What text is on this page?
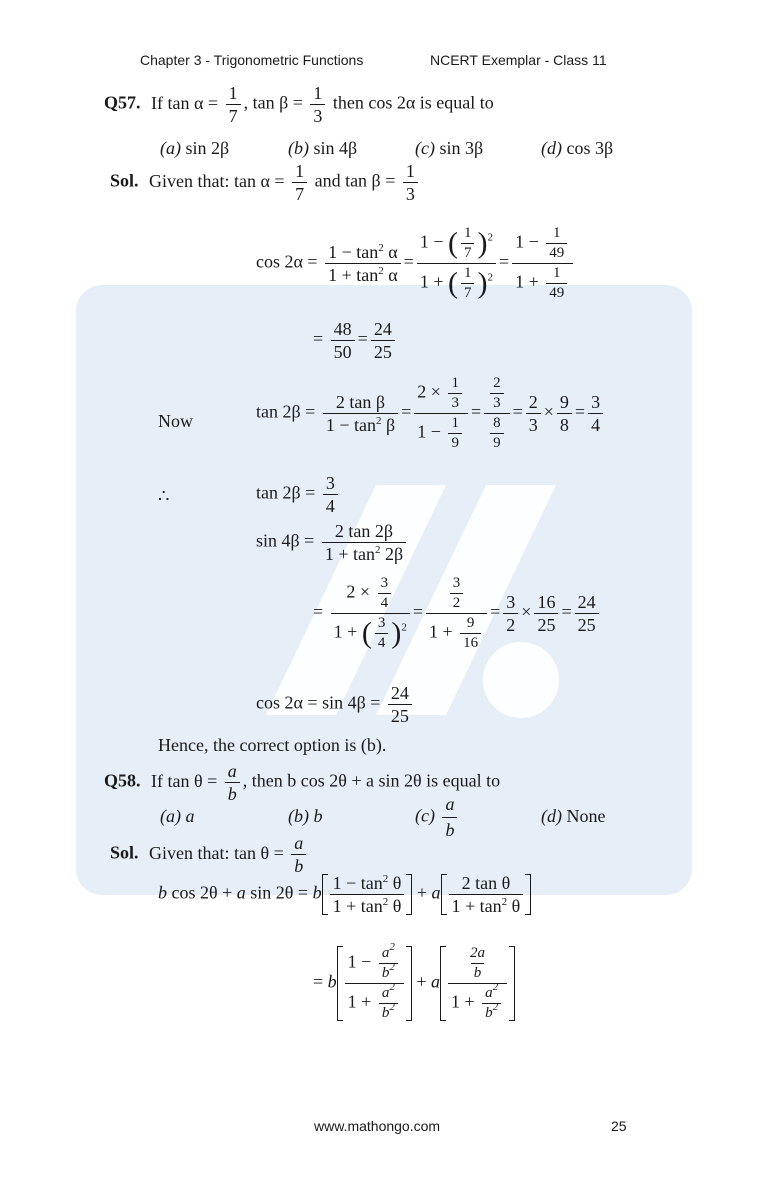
Chapter 3 - Trigonometric Functions	NCERT Exemplar - Class 11
Q57. If $\tan \alpha = \frac{1}{7}$ , $\tan \beta = \frac{1}{3}$ then cos 2α is equal to
(a) sin 2β	(b) sin 4β	(c) sin 3β	(d) cos 3β
Sol. Given that: $\tan \alpha = \frac{1}{7}$ and $\tan \beta = \frac{1}{3}$
$\cos 2\alpha = \frac{1 - \tan^2 \alpha}{1 + \tan^2 \alpha} = \frac{1 - ( \frac{1}{7} )^2}{1 + ( \frac{1}{7} )^2} = \frac{1 - \frac{1}{49}}{1 + \frac{1}{49}}$
= $\frac{48}{50} = \frac{24}{25}$
Now	$\tan 2\beta = \frac{\text{2 tan β}}{1 - \tan^2 \beta} = \frac{2 \times \frac{1}{3}}{1 - \frac{1}{9}} = \frac{\frac{2}{3}}{\frac{8}{9}} = \frac{2}{3} \times \frac{9}{8} = \frac{3}{4}$
∴	$\tan 2\beta = \frac{3}{4}$
$\sin 4\beta = \frac{2 \tan 2\beta}{1 + \tan^2 2\beta}$
= $\frac{2 \times \frac{3}{4}}{1 + ( \frac{3}{4} )^2} = \frac{\frac{3}{2}}{1 + \frac{9}{16}} = \frac{3}{2} \times \frac{16}{25} = \frac{24}{25}$
$\cos 2\alpha = \sin 4\beta = \frac{24}{25}$
Hence, the correct option is (b).
Q58. If $\tan \theta = \frac{a}{b}$ , then b cos 2θ + a sin 2θ is equal to
(a) a	(b) b	$(c) \frac{a}{b}$	(d) None
Sol. Given that: $\tan \theta = \frac{a}{b}$
b cos 2θ + a sin 2θ = b $1 - \tan^2 \theta$
$1 + \tan^2 \theta$
+ a 2 tan θ
$1 + \tan^2 \theta$
= b
$1 - \frac{a^2}{b^2}$
$1 + \frac{a^2}{b^2}$
+ a
$\frac{2a}{b}$
$1 + \frac{a^2}{b^2}$
www.mathongo.com	25
